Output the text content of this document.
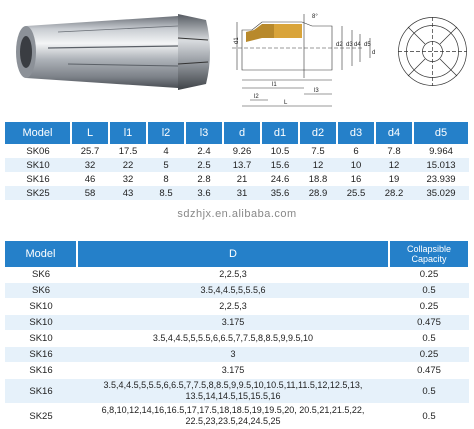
d1
d2 d3 d4 d5
d
8°
l2
l1
l3
L
Model	L	l1	l2	l3	d	d1	d2	d3	d4	d5
SK06	25.7	17.5	4	2.4	9.26	10.5	7.5	6	7.8	9.964
SK10	32	22	5	2.5	13.7	15.6	12	10	12	15.013
SK16	46	32	8	2.8	21	24.6	18.8	16	19	23.939
SK25	58	43	8.5	3.6	31	35.6	28.9	25.5	28.2	35.029
sdzhjx.en.alibaba.com
Model	D	Collapsible
Capacity
SK6	2,2.5,3	0.25
SK6	3.5,4,4.5,5,5.5,6	0.5
SK10	2,2.5,3	0.25
SK10	3.175	0.475
SK10	3.5,4,4.5,5,5.5,6,6.5,7,7.5,8,8.5,9,9.5,10	0.5
SK16	3	0.25
SK16	3.175	0.475
SK16	3.5,4,4.5,5,5.5,6,6.5,7,7.5,8,8.5,9,9.5,10,10.5,11,11.5,12,12.5,13,
13.5,14,14.5,15,15.5,16	0.5
SK25	6,8,10,12,14,16,16.5,17,17.5,18,18.5,19,19.5,20, 20.5,21,21.5,22,
22.5,23,23.5,24,24.5,25	0.5
